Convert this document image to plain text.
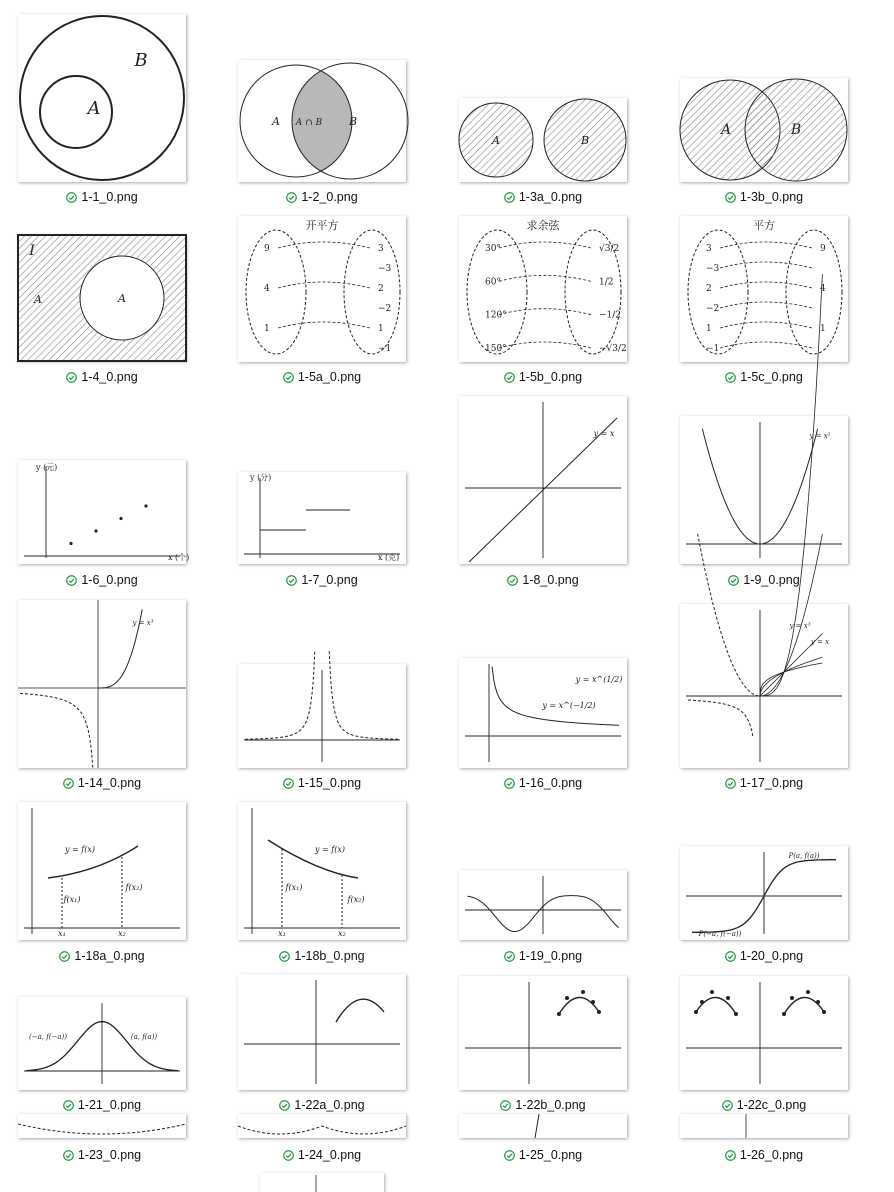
B
A
1-1_0.png
A A ∩ B B
1-2_0.png
A	B
1-3a_0.png
A	B
1-3b_0.png
I
A	A
1-4_0.png
开平方
3
−3
2
−2
1
−1
9
4
1
1-5a_0.png
求余弦
√3/2
1/2
−1/2
−√3/2
30°
60°
120°
150°
1-5b_0.png
平方
9
4
1
3
−3
2
−2
1
−1
1-5c_0.png
y (元)
x (个)
1-6_0.png
y (分)
x (克)
1-7_0.png
y = x
1-8_0.png
y = x²
1-9_0.png
y = x³
1-14_0.png	1-15_0.png
y = x^(−1/2)
y = x^(1/2)
1-16_0.png
y = x³
y = x
1-17_0.png
y = f(x)
f(x₁)
f(x₂)
x₁	x₂
1-18a_0.png
y = f(x)
f(x₁)
f(x₂)
x₁	x₂
1-18b_0.png	1-19_0.png
P(a, f(a))
P(−a, f(−a))
1-20_0.png
(−a, f(−a))	(a, f(a))
1-21_0.png	1-22a_0.png	1-22b_0.png	1-22c_0.png
1-23_0.png	1-24_0.png	1-25_0.png	1-26_0.png
